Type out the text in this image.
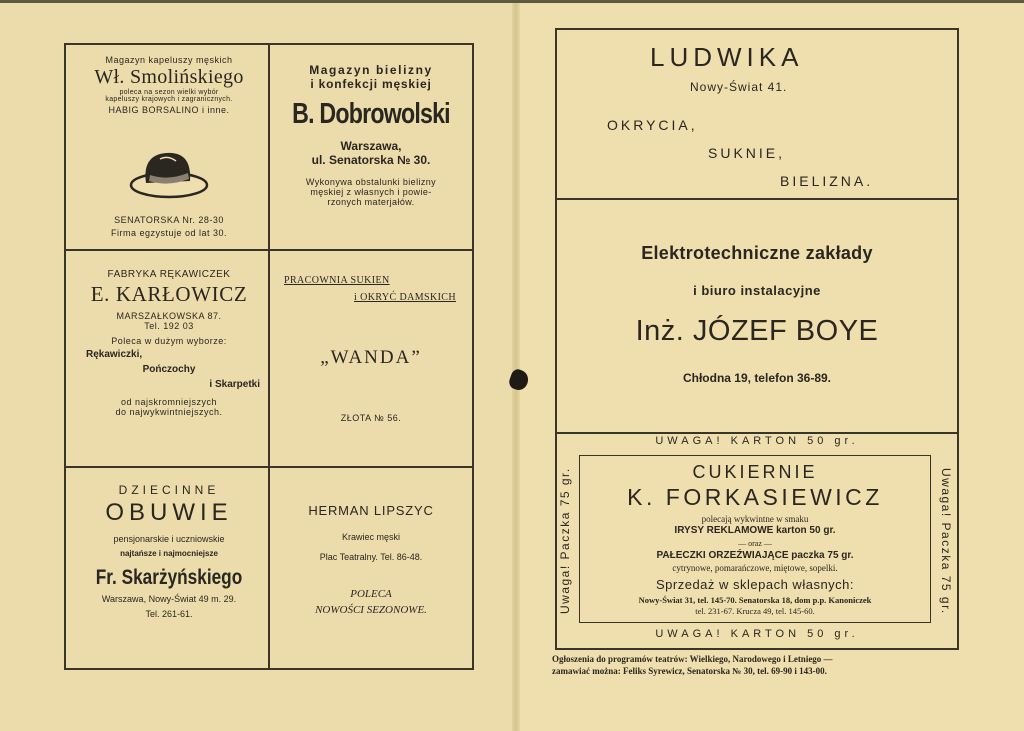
Magazyn kapeluszy męskich
Wł. Smolińskiego
poleca na sezon wielki wybór
kapeluszy krajowych i zagranicznych.
HABIG BORSALINO i inne.
SENATORSKA Nr. 28-30
Firma egzystuje od lat 30.
Magazyn bielizny
i konfekcji męskiej
B. Dobrowolski
Warszawa,
ul. Senatorska № 30.
Wykonywa obstalunki bielizny
męskiej z własnych i powie-
rzonych materjałów.
FABRYKA RĘKAWICZEK
E. KARŁOWICZ
MARSZAŁKOWSKA 87.
Tel. 192 03
Poleca w dużym wyborze:
Rękawiczki,
Pończochy
i Skarpetki
od najskromniejszych
do najwykwintniejszych.
PRACOWNIA SUKIEN
i OKRYĆ DAMSKICH
„WANDA”
ZŁOTA № 56.
DZIECINNE
OBUWIE
pensjonarskie i uczniowskie
najtańsze i najmocniejsze
Fr. Skarżyńskiego
Warszawa, Nowy-Świat 49 m. 29.
Tel. 261-61.
HERMAN LIPSZYC
Krawiec męski
Plac Teatralny. Tel. 86-48.
POLECA
NOWOŚCI SEZONOWE.
LUDWIKA
Nowy-Świat 41.
OKRYCIA,
SUKNIE,
BIELIZNA.
Elektrotechniczne zakłady
i biuro instalacyjne
Inż. JÓZEF BOYE
Chłodna 19, telefon 36-89.
UWAGA! KARTON 50 gr.
UWAGA! KARTON 50 gr.
Uwaga! Paczka 75 gr.	Uwaga! Paczka 75 gr.
CUKIERNIE
K. FORKASIEWICZ
polecają wykwintne w smaku
IRYSY REKLAMOWE karton 50 gr.
— oraz —
PAŁECZKI ORZEŹWIAJĄCE paczka 75 gr.
cytrynowe, pomarańczowe, miętowe, sopelki.
Sprzedaż w sklepach własnych:
Nowy-Świat 31, tel. 145-70. Senatorska 18, dom p.p. Kanoniczek
tel. 231-67. Krucza 49, tel. 145-60.
Ogłoszenia do programów teatrów: Wielkiego, Narodowego i Letniego —
zamawiać można: Feliks Syrewicz, Senatorska № 30, tel. 69-90 i 143-00.
